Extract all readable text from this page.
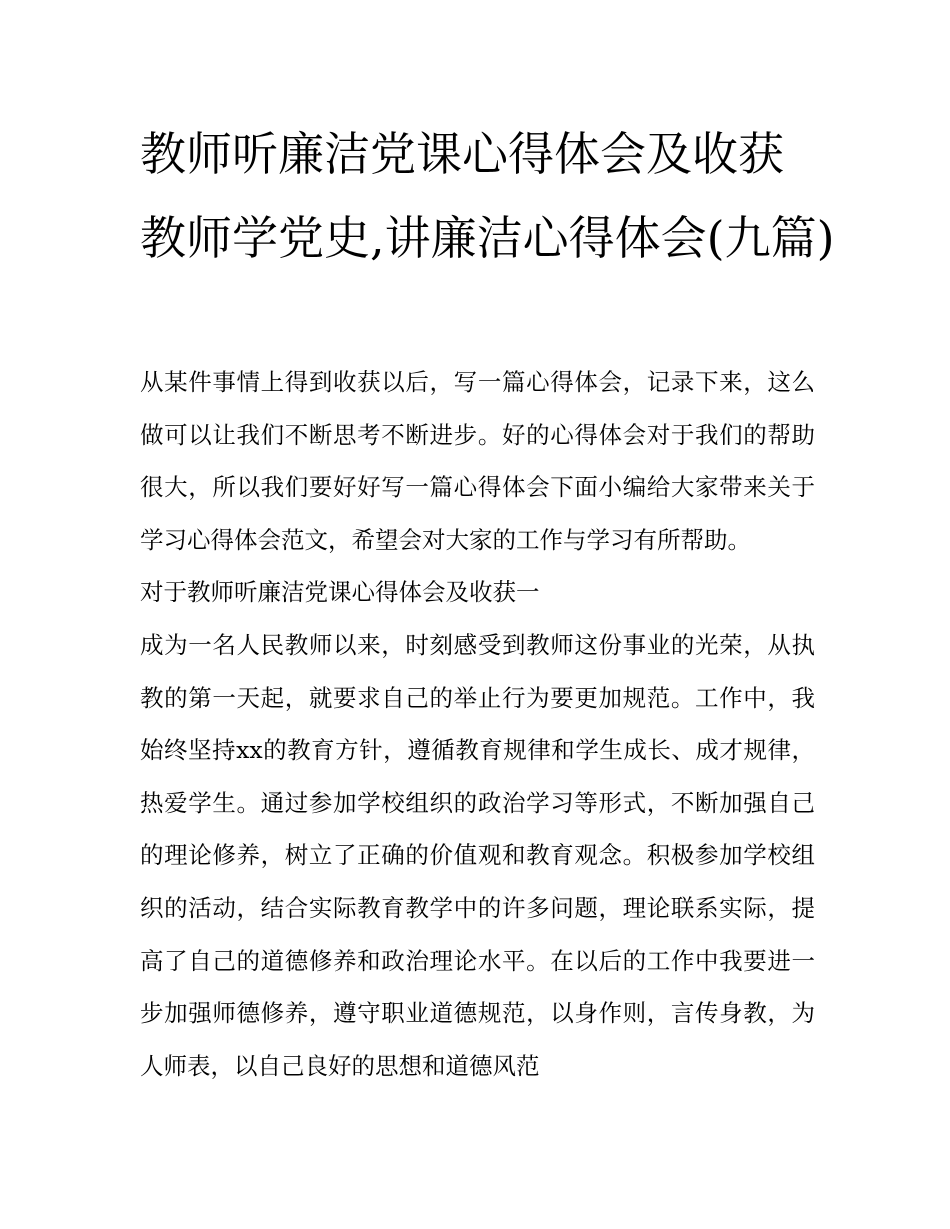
教师听廉洁党课心得体会及收获 教师学党史,讲廉洁心得体会(九篇)

从某件事情上得到收获以后，写一篇心得体会，记录下来，这么做可以让我们不断思考不断进步。好的心得体会对于我们的帮助很大，所以我们要好好写一篇心得体会下面小编给大家带来关于学习心得体会范文，希望会对大家的工作与学习有所帮助。

对于教师听廉洁党课心得体会及收获一

成为一名人民教师以来，时刻感受到教师这份事业的光荣，从执教的第一天起，就要求自己的举止行为要更加规范。工作中，我始终坚持xx的教育方针，遵循教育规律和学生成长、成才规律，热爱学生。通过参加学校组织的政治学习等形式，不断加强自己的理论修养，树立了正确的价值观和教育观念。积极参加学校组织的活动，结合实际教育教学中的许多问题，理论联系实际，提高了自己的道德修养和政治理论水平。在以后的工作中我要进一步加强师德修养，遵守职业道德规范，以身作则，言传身教，为人师表，以自己良好的思想和道德风范
